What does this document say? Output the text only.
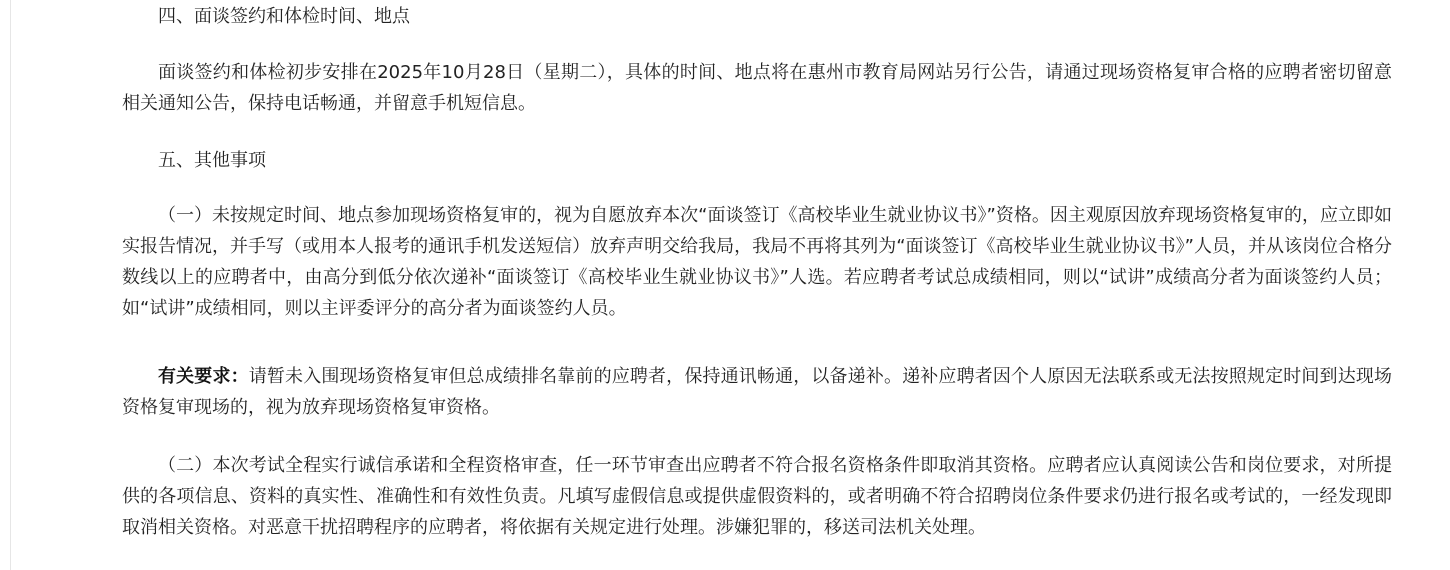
四、面谈签约和体检时间、地点

面谈签约和体检初步安排在2025年10月28日（星期二），具体的时间、地点将在惠州市教育局网站另行公告，请通过现场资格复审合格的应聘者密切留意相关通知公告，保持电话畅通，并留意手机短信息。

五、其他事项

（一）未按规定时间、地点参加现场资格复审的，视为自愿放弃本次“面谈签订《高校毕业生就业协议书》”资格。因主观原因放弃现场资格复审的，应立即如实报告情况，并手写（或用本人报考的通讯手机发送短信）放弃声明交给我局，我局不再将其列为“面谈签订《高校毕业生就业协议书》”人员，并从该岗位合格分数线以上的应聘者中，由高分到低分依次递补“面谈签订《高校毕业生就业协议书》”人选。若应聘者考试总成绩相同，则以“试讲”成绩高分者为面谈签约人员；如“试讲”成绩相同，则以主评委评分的高分者为面谈签约人员。

有关要求：请暂未入围现场资格复审但总成绩排名靠前的应聘者，保持通讯畅通，以备递补。递补应聘者因个人原因无法联系或无法按照规定时间到达现场资格复审现场的，视为放弃现场资格复审资格。

（二）本次考试全程实行诚信承诺和全程资格审查，任一环节审查出应聘者不符合报名资格条件即取消其资格。应聘者应认真阅读公告和岗位要求，对所提供的各项信息、资料的真实性、准确性和有效性负责。凡填写虚假信息或提供虚假资料的，或者明确不符合招聘岗位条件要求仍进行报名或考试的，一经发现即取消相关资格。对恶意干扰招聘程序的应聘者，将依据有关规定进行处理。涉嫌犯罪的，移送司法机关处理。
